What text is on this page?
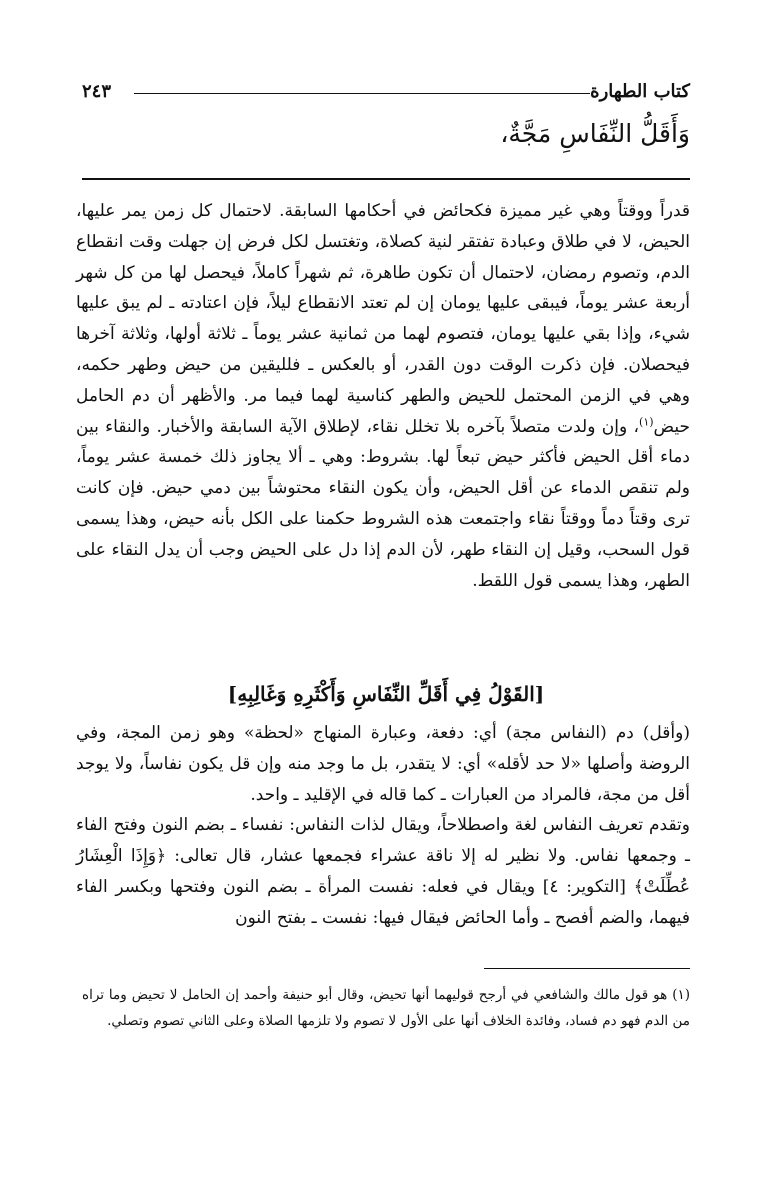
كتاب الطهارة
٢٤٣
وَأَقَلُّ النِّفَاسِ مَجَّةٌ،

قدراً ووقتاً وهي غير مميزة فكحائض في أحكامها السابقة. لاحتمال كل زمن يمر عليها، الحيض، لا في طلاق وعبادة تفتقر لنية كصلاة، وتغتسل لكل فرض إن جهلت وقت انقطاع الدم، وتصوم رمضان، لاحتمال أن تكون طاهرة، ثم شهراً كاملاً، فيحصل لها من كل شهر أربعة عشر يوماً، فيبقى عليها يومان إن لم تعتد الانقطاع ليلاً، فإن اعتادته ـ لم يبق عليها شيء، وإذا بقي عليها يومان، فتصوم لهما من ثمانية عشر يوماً ـ ثلاثة أولها، وثلاثة آخرها فيحصلان. فإن ذكرت الوقت دون القدر، أو بالعكس ـ فلليقين من حيض وطهر حكمه، وهي في الزمن المحتمل للحيض والطهر كناسية لهما فيما مر. والأظهر أن دم الحامل حيض$^{(١)}$، وإن ولدت متصلاً بآخره بلا تخلل نقاء، لإطلاق الآية السابقة والأخبار. والنقاء بين دماء أقل الحيض فأكثر حيض تبعاً لها. بشروط: وهي ـ ألا يجاوز ذلك خمسة عشر يوماً، ولم تنقص الدماء عن أقل الحيض، وأن يكون النقاء محتوشاً بين دمي حيض. فإن كانت ترى وقتاً دماً ووقتاً نقاء واجتمعت هذه الشروط حكمنا على الكل بأنه حيض، وهذا يسمى قول السحب، وقيل إن النقاء طهر، لأن الدم إذا دل على الحيض وجب أن يدل النقاء على الطهر، وهذا يسمى قول اللقط.

[القَوْلُ فِي أَقَلِّ النِّفَاسِ وَأَكْثَرِهِ وَغَالِبِهِ]

(وأقل) دم (النفاس مجة) أي: دفعة، وعبارة المنهاج «لحظة» وهو زمن المجة، وفي الروضة وأصلها «لا حد لأقله» أي: لا يتقدر، بل ما وجد منه وإن قل يكون نفاساً، ولا يوجد أقل من مجة، فالمراد من العبارات ـ كما قاله في الإقليد ـ واحد.

وتقدم تعريف النفاس لغة واصطلاحاً، ويقال لذات النفاس: نفساء ـ بضم النون وفتح الفاء ـ وجمعها نفاس. ولا نظير له إلا ناقة عشراء فجمعها عشار، قال تعالى: ﴿وَإِذَا الْعِشَارُ عُطِّلَتْ﴾ [التكوير: ٤] ويقال في فعله: نفست المرأة ـ بضم النون وفتحها وبكسر الفاء فيهما، والضم أفصح ـ وأما الحائض فيقال فيها: نفست ـ بفتح النون

(١) هو قول مالك والشافعي في أرجح قوليهما أنها تحيض، وقال أبو حنيفة وأحمد إن الحامل لا تحيض وما تراه من الدم فهو دم فساد، وفائدة الخلاف أنها على الأول لا تصوم ولا تلزمها الصلاة وعلى الثاني تصوم وتصلي.
